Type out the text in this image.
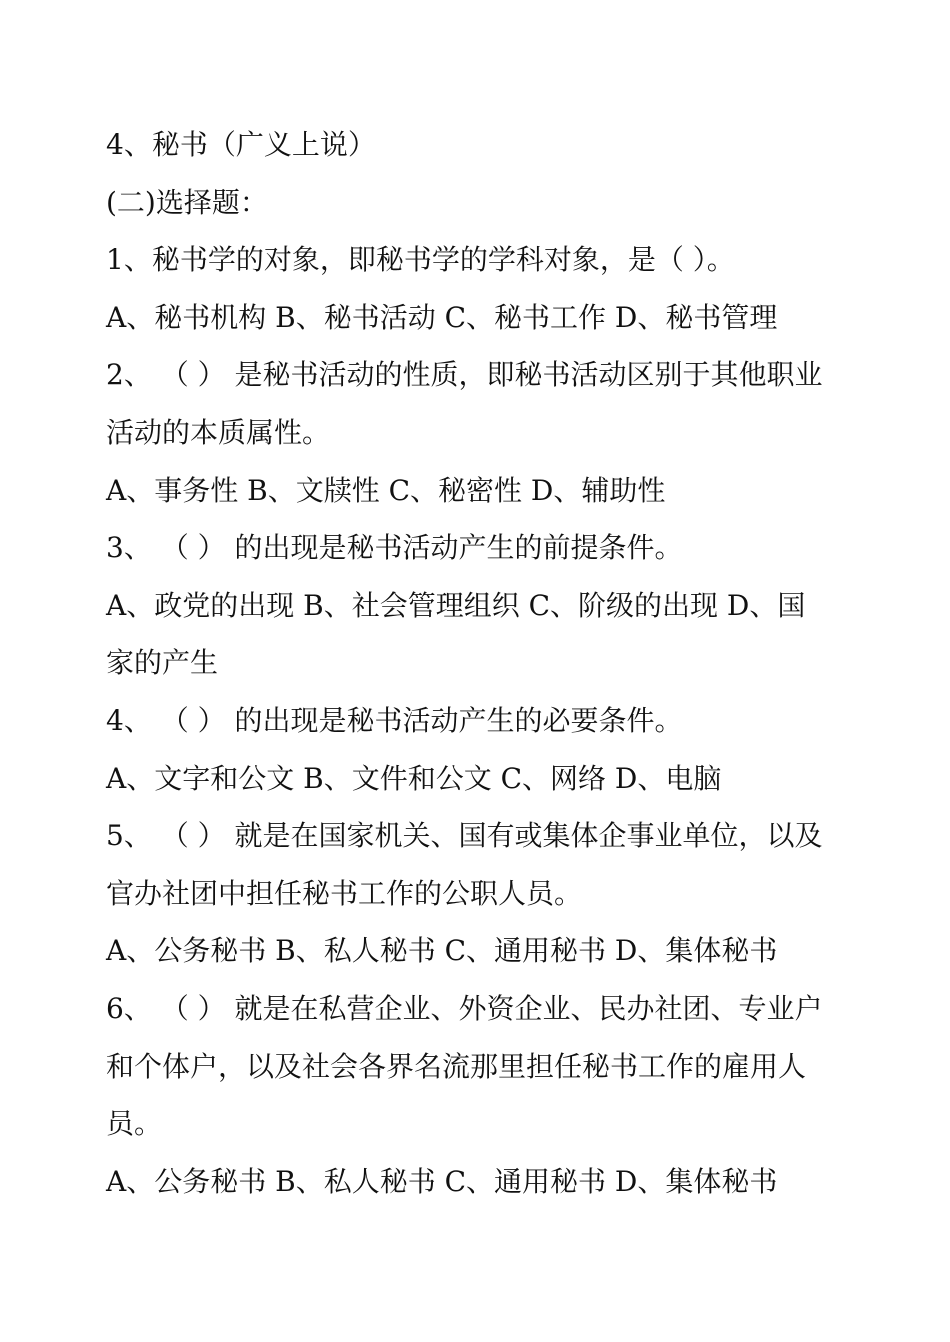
4、秘书（广义上说）
(二)选择题：
1、秘书学的对象，即秘书学的学科对象，是（ ）。
A、秘书机构 B、秘书活动 C、秘书工作 D、秘书管理
2、 （ ） 是秘书活动的性质，即秘书活动区别于其他职业
活动的本质属性。
A、事务性 B、文牍性 C、秘密性 D、辅助性
3、 （ ） 的出现是秘书活动产生的前提条件。
A、政党的出现 B、社会管理组织 C、阶级的出现 D、国
家的产生
4、 （ ） 的出现是秘书活动产生的必要条件。
A、文字和公文 B、文件和公文 C、网络 D、电脑
5、 （ ） 就是在国家机关、国有或集体企事业单位，以及
官办社团中担任秘书工作的公职人员。
A、公务秘书 B、私人秘书 C、通用秘书 D、集体秘书
6、 （ ） 就是在私营企业、外资企业、民办社团、专业户
和个体户，以及社会各界名流那里担任秘书工作的雇用人
员。
A、公务秘书 B、私人秘书 C、通用秘书 D、集体秘书
